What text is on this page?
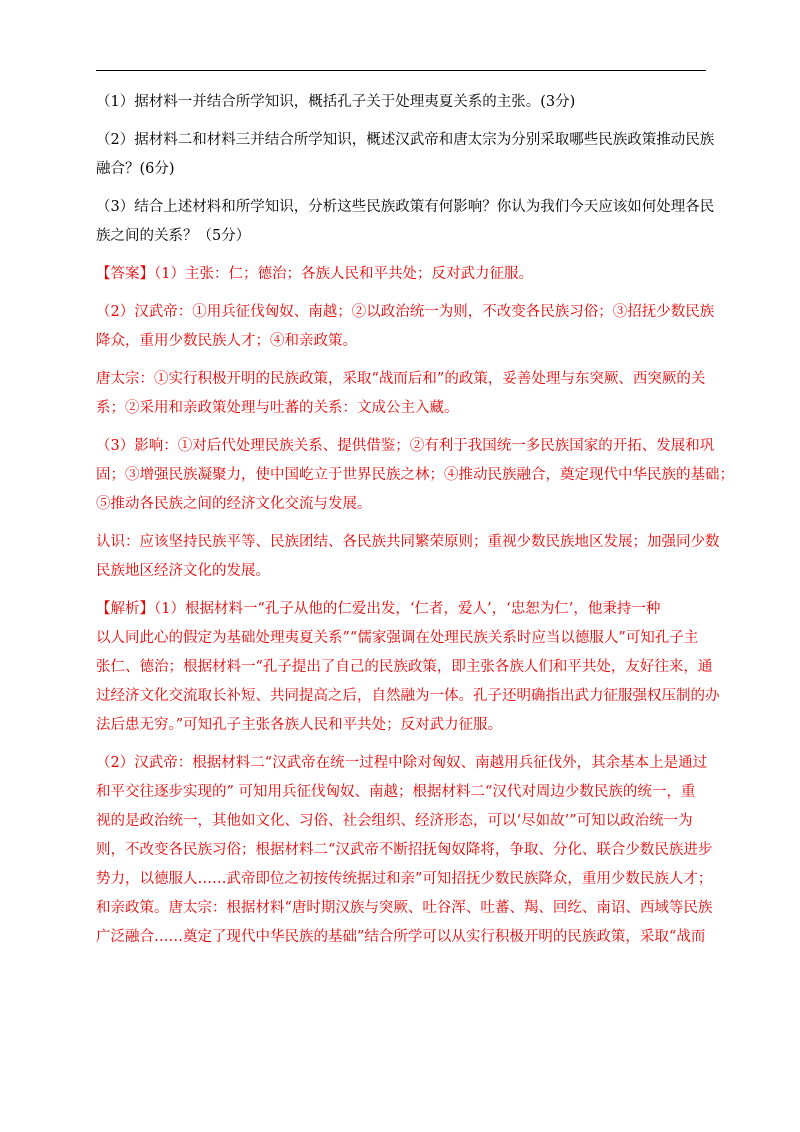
（1）据材料一并结合所学知识，概括孔子关于处理夷夏关系的主张。(3分)

（2）据材料二和材料三并结合所学知识，概述汉武帝和唐太宗为分别采取哪些民族政策推动民族
融合？(6分)

（3）结合上述材料和所学知识，分析这些民族政策有何影响？你认为我们今天应该如何处理各民
族之间的关系？（5分）

【答案】（1）主张：仁；德治；各族人民和平共处；反对武力征服。

（2）汉武帝：①用兵征伐匈奴、南越；②以政治统一为则，不改变各民族习俗；③招抚少数民族
降众，重用少数民族人才；④和亲政策。

唐太宗：①实行积极开明的民族政策，采取“战而后和”的政策，妥善处理与东突厥、西突厥的关
系；②采用和亲政策处理与吐蕃的关系：文成公主入藏。

（3）影响：①对后代处理民族关系、提供借鉴；②有利于我国统一多民族国家的开拓、发展和巩
固；③增强民族凝聚力，使中国屹立于世界民族之林；④推动民族融合，奠定现代中华民族的基础；
⑤推动各民族之间的经济文化交流与发展。

认识：应该坚持民族平等、民族团结、各民族共同繁荣原则；重视少数民族地区发展；加强同少数
民族地区经济文化的发展。

【解析】（1）根据材料一“孔子从他的仁爱出发，‘仁者，爱人’，‘忠恕为仁’，他秉持一种
以人同此心的假定为基础处理夷夏关系”“儒家强调在处理民族关系时应当以德服人”可知孔子主
张仁、德治；根据材料一“孔子提出了自己的民族政策，即主张各族人们和平共处，友好往来，通
过经济文化交流取长补短、共同提高之后，自然融为一体。孔子还明确指出武力征服强权压制的办
法后患无穷。”可知孔子主张各族人民和平共处；反对武力征服。

（2）汉武帝：根据材料二“汉武帝在统一过程中除对匈奴、南越用兵征伐外，其余基本上是通过
和平交往逐步实现的” 可知用兵征伐匈奴、南越；根据材料二“汉代对周边少数民族的统一，重
视的是政治统一，其他如文化、习俗、社会组织、经济形态，可以‘尽如故’”可知以政治统一为
则，不改变各民族习俗；根据材料二“汉武帝不断招抚匈奴降将，争取、分化、联合少数民族进步
势力，以德服人……武帝即位之初按传统据过和亲”可知招抚少数民族降众，重用少数民族人才；
和亲政策。唐太宗：根据材料“唐时期汉族与突厥、吐谷浑、吐蕃、羯、回纥、南诏、西域等民族
广泛融合……奠定了现代中华民族的基础”结合所学可以从实行积极开明的民族政策，采取“战而
